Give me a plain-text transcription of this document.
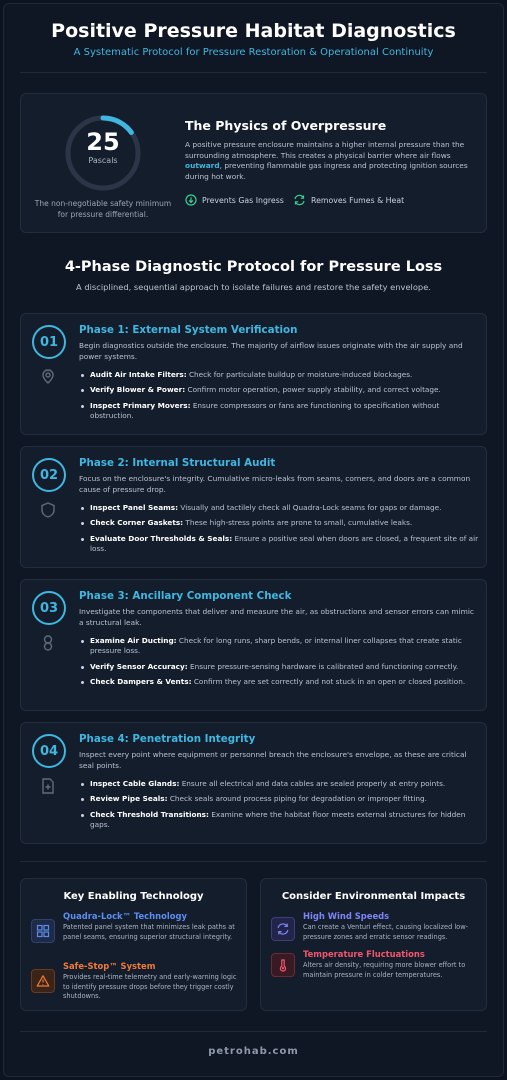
Positive Pressure Habitat Diagnostics
A Systematic Protocol for Pressure Restoration & Operational Continuity
25
Pascals
The non-negotiable safety minimum for pressure differential.
The Physics of Overpressure
A positive pressure enclosure maintains a higher internal pressure than the surrounding atmosphere. This creates a physical barrier where air flows outward, preventing flammable gas ingress and protecting ignition sources during hot work.
Prevents Gas Ingress	Removes Fumes & Heat
4-Phase Diagnostic Protocol for Pressure Loss
A disciplined, sequential approach to isolate failures and restore the safety envelope.
01
Phase 1: External System Verification
Begin diagnostics outside the enclosure. The majority of airflow issues originate with the air supply and power systems.
Audit Air Intake Filters: Check for particulate buildup or moisture-induced blockages.
Verify Blower & Power: Confirm motor operation, power supply stability, and correct voltage.
Inspect Primary Movers: Ensure compressors or fans are functioning to specification without obstruction.
02
Phase 2: Internal Structural Audit
Focus on the enclosure's integrity. Cumulative micro-leaks from seams, corners, and doors are a common cause of pressure drop.
Inspect Panel Seams: Visually and tactilely check all Quadra-Lock seams for gaps or damage.
Check Corner Gaskets: These high-stress points are prone to small, cumulative leaks.
Evaluate Door Thresholds & Seals: Ensure a positive seal when doors are closed, a frequent site of air loss.
03
Phase 3: Ancillary Component Check
Investigate the components that deliver and measure the air, as obstructions and sensor errors can mimic a structural leak.
Examine Air Ducting: Check for long runs, sharp bends, or internal liner collapses that create static pressure loss.
Verify Sensor Accuracy: Ensure pressure-sensing hardware is calibrated and functioning correctly.
Check Dampers & Vents: Confirm they are set correctly and not stuck in an open or closed position.
04
Phase 4: Penetration Integrity
Inspect every point where equipment or personnel breach the enclosure's envelope, as these are critical seal points.
Inspect Cable Glands: Ensure all electrical and data cables are sealed properly at entry points.
Review Pipe Seals: Check seals around process piping for degradation or improper fitting.
Check Threshold Transitions: Examine where the habitat floor meets external structures for hidden gaps.
Key Enabling Technology
Quadra-Lock™ Technology
Patented panel system that minimizes leak paths at panel seams, ensuring superior structural integrity.
Safe-Stop™ System
Provides real-time telemetry and early-warning logic to identify pressure drops before they trigger costly shutdowns.
Consider Environmental Impacts
High Wind Speeds
Can create a Venturi effect, causing localized low-pressure zones and erratic sensor readings.
Temperature Fluctuations
Alters air density, requiring more blower effort to maintain pressure in colder temperatures.
petrohab.com
